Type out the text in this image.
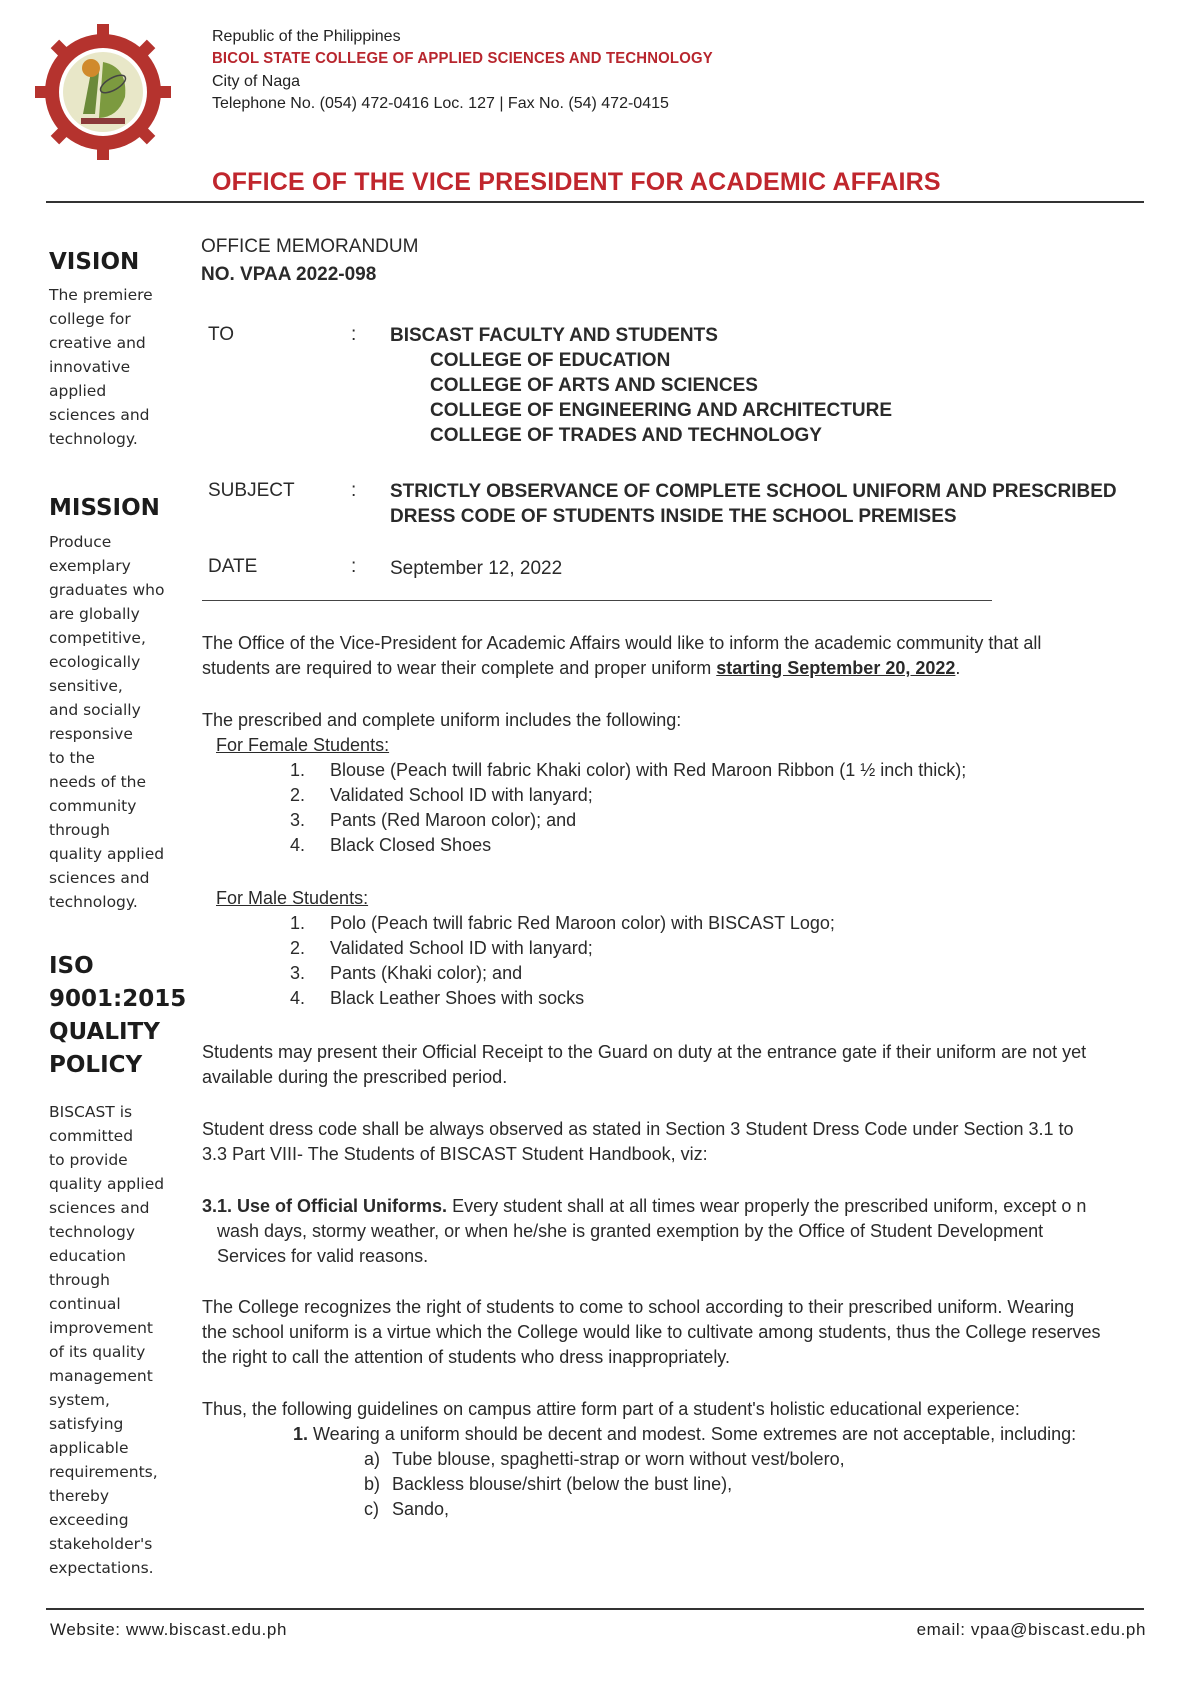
Republic of the Philippines
BICOL STATE COLLEGE OF APPLIED SCIENCES AND TECHNOLOGY
City of Naga
Telephone No. (054) 472-0416 Loc. 127 | Fax No. (54) 472-0415
OFFICE OF THE VICE PRESIDENT FOR ACADEMIC AFFAIRS
VISION
The premiere
college for
creative and
innovative
applied
sciences and
technology.
MISSION
Produce
exemplary
graduates who
are globally
competitive,
ecologically
sensitive,
and socially
responsive
to the
needs of the
community
through
quality applied
sciences and
technology.
ISO
9001:2015
QUALITY
POLICY
BISCAST is
committed
to provide
quality applied
sciences and
technology
education
through
continual
improvement
of its quality
management
system,
satisfying
applicable
requirements,
thereby
exceeding
stakeholder's
expectations.
OFFICE MEMORANDUM
NO. VPAA 2022-098
TO	: BISCAST FACULTY AND STUDENTS
COLLEGE OF EDUCATION
COLLEGE OF ARTS AND SCIENCES
COLLEGE OF ENGINEERING AND ARCHITECTURE
COLLEGE OF TRADES AND TECHNOLOGY
SUBJECT	: STRICTLY OBSERVANCE OF COMPLETE SCHOOL UNIFORM AND PRESCRIBED
DRESS CODE OF STUDENTS INSIDE THE SCHOOL PREMISES
DATE	: September 12, 2022
The Office of the Vice-President for Academic Affairs would like to inform the academic community that all
students are required to wear their complete and proper uniform starting September 20, 2022.
The prescribed and complete uniform includes the following:
For Female Students:
1.	Blouse (Peach twill fabric Khaki color) with Red Maroon Ribbon (1 ½ inch thick);
2.	Validated School ID with lanyard;
3.	Pants (Red Maroon color); and
4.	Black Closed Shoes
For Male Students:
1.	Polo (Peach twill fabric Red Maroon color) with BISCAST Logo;
2.	Validated School ID with lanyard;
3.	Pants (Khaki color); and
4.	Black Leather Shoes with socks
Students may present their Official Receipt to the Guard on duty at the entrance gate if their uniform are not yet
available during the prescribed period.
Student dress code shall be always observed as stated in Section 3 Student Dress Code under Section 3.1 to
3.3 Part VIII- The Students of BISCAST Student Handbook, viz:
3.1. Use of Official Uniforms. Every student shall at all times wear properly the prescribed uniform, except o n
wash days, stormy weather, or when he/she is granted exemption by the Office of Student Development
Services for valid reasons.
The College recognizes the right of students to come to school according to their prescribed uniform. Wearing
the school uniform is a virtue which the College would like to cultivate among students, thus the College reserves
the right to call the attention of students who dress inappropriately.
Thus, the following guidelines on campus attire form part of a student's holistic educational experience:
1. Wearing a uniform should be decent and modest. Some extremes are not acceptable, including:
a) Tube blouse, spaghetti-strap or worn without vest/bolero,
b) Backless blouse/shirt (below the bust line),
c) Sando,
Website: www.biscast.edu.ph	email: vpaa@biscast.edu.ph
